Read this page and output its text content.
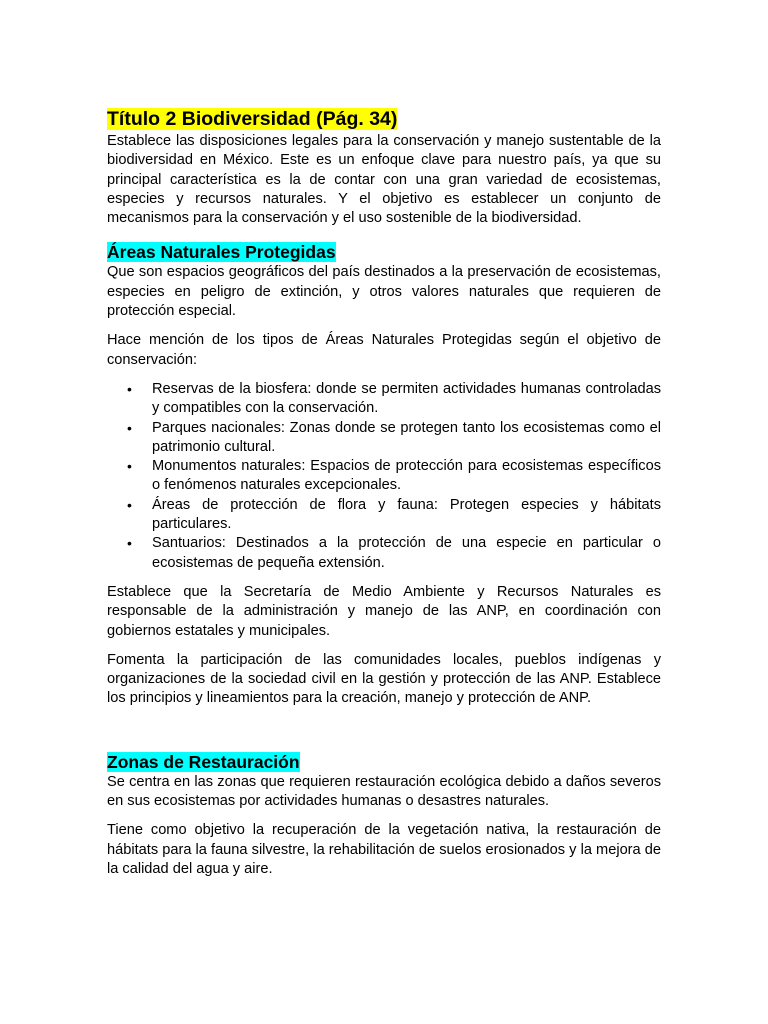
Título 2 Biodiversidad (Pág. 34)

Establece las disposiciones legales para la conservación y manejo sustentable de la biodiversidad en México. Este es un enfoque clave para nuestro país, ya que su principal característica es la de contar con una gran variedad de ecosistemas, especies y recursos naturales. Y el objetivo es establecer un conjunto de mecanismos para la conservación y el uso sostenible de la biodiversidad.

Áreas Naturales Protegidas

Que son espacios geográficos del país destinados a la preservación de ecosistemas, especies en peligro de extinción, y otros valores naturales que requieren de protección especial.

Hace mención de los tipos de Áreas Naturales Protegidas según el objetivo de conservación:

• Reservas de la biosfera: donde se permiten actividades humanas controladas y compatibles con la conservación.
• Parques nacionales: Zonas donde se protegen tanto los ecosistemas como el patrimonio cultural.
• Monumentos naturales: Espacios de protección para ecosistemas específicos o fenómenos naturales excepcionales.
• Áreas de protección de flora y fauna: Protegen especies y hábitats particulares.
• Santuarios: Destinados a la protección de una especie en particular o ecosistemas de pequeña extensión.

Establece que la Secretaría de Medio Ambiente y Recursos Naturales es responsable de la administración y manejo de las ANP, en coordinación con gobiernos estatales y municipales.

Fomenta la participación de las comunidades locales, pueblos indígenas y organizaciones de la sociedad civil en la gestión y protección de las ANP. Establece los principios y lineamientos para la creación, manejo y protección de ANP.

Zonas de Restauración

Se centra en las zonas que requieren restauración ecológica debido a daños severos en sus ecosistemas por actividades humanas o desastres naturales.

Tiene como objetivo la recuperación de la vegetación nativa, la restauración de hábitats para la fauna silvestre, la rehabilitación de suelos erosionados y la mejora de la calidad del agua y aire.
